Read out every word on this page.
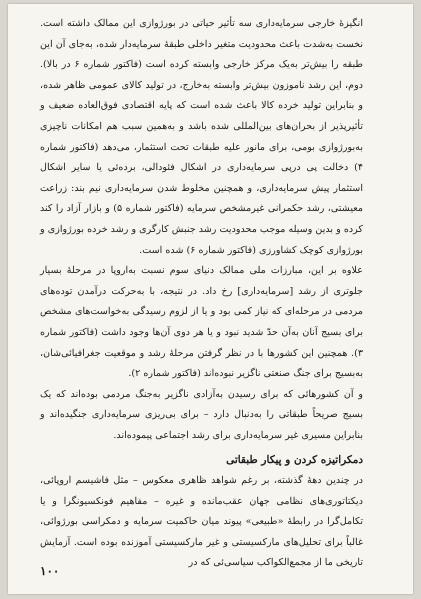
انگیزهٔ خارجی سرمایه‌داری سه تأثیر حیاتی در بورژوازی این ممالک داشته است. نخست به‌شدت باعث محدودیت متغیر داخلی طبقهٔ سرمایه‌دار شده، به‌جای آن این طبقه را بیش‌تر به‌یک مرکز خارجی وابسته کرده است (فاکتور شماره ۶ در بالا). دوم، این رشد ناموزون بیش‌تر وابسته به‌خارج، در تولید کالای عمومی ظاهر شده، و بنابراین تولید خرده کالا باعث شده است که پایه اقتصادی فوق‌العاده ضعیف و تأثیرپذیر از بحران‌های بین‌المللی شده باشد و به‌همین سبب هم امکانات ناچیزی به‌بورژوازی بومی، برای مانور علیه طبقات تحت استثمار، می‌دهد (فاکتور شماره ۴) دخالت پی‌ درپی سرمایه‌داری در اشکال فئودالی، برده‌ئی یا سایر اشکال استثمار پیش سرمایه‌داری، و همچنین مخلوط شدن سرمایه‌داری نیم بند: زراعت معیشتی، رشد حکمرانی غیرمشخص سرمایه (فاکتور شماره ۵) و بازار آزاد را کند کرده و بدین وسیله موجب محدودیت رشد جنبش کارگری و رشد خرده بورژوازی و بورژوازی کوچک کشاورزی (فاکتور شماره ۶) شده است.

علاوه بر این، مبارزات ملی ممالک دنیای سوم نسبت به‌اروپا در مرحلهٔ بسیار جلوتری از رشد [سرمایه‌داری] رخ داد. در نتیجه، با به‌حرکت‌ درآمدن توده‌های مردمی در مرحله‌ای که نیاز کمی بود و یا از لزوم رسیدگی به‌خواست‌های مشخص برای بسیج آنان به‌آن حدّ شدید نبود و یا هر دوی آن‌ها وجود داشت (فاکتور شماره ۳). همچنین این کشورها با در نظر گرفتن مرحلهٔ رشد و موقعیت جغرافیائی‌شان، به‌بسیج برای جنگ صنعتی ناگزیر نبوده‌اند (فاکتور شماره ۲).

و آن کشورهائی که برای رسیدن به‌آزادی ناگزیر به‌جنگ مردمی بوده‌اند که یک بسیج صریحاً طبقاتی را به‌دنبال دارد – برای بی‌ریزی سرمایه‌داری جنگیده‌اند و بنابراین مسیری غیر سرمایه‌داری برای رشد اجتماعی پیموده‌اند.

دمکراتیزه کردن و پیکار طبقاتی

در چندین دههٔ گذشته، بر رغم شواهد ظاهری معکوس – مثل فاشیسم اروپائی، دیکتاتوری‌های نظامی جهان عقب‌مانده و غیره – مفاهیم فونکسیونگرا و یا تکامل‌گرا در رابطهٔ «طبیعی» پیوند میان حاکمیت سرمایه و دمکراسی بورژوائی، غالباً برای تحلیل‌های مارکسیستی و غیر مارکسیستی آموزنده بوده است. آزمایش تاریخی ما از مجمع‌الکواکب سیاسی‌ئی که در

۱۰۰
